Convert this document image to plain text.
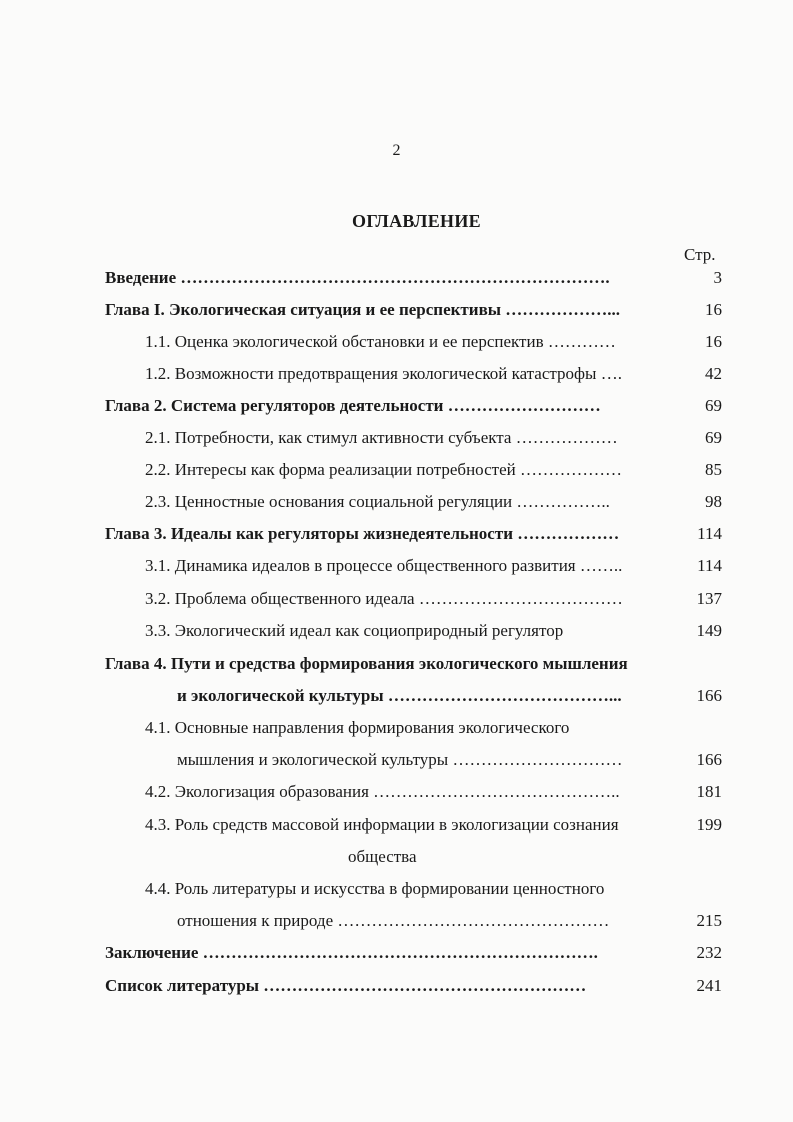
2
ОГЛАВЛЕНИЕ
Стр.
Введение ………………………………………………………………….	3
Глава I. Экологическая ситуация и ее перспективы ………………...	16
1.1. Оценка экологической обстановки и ее перспектив …………	16
1.2. Возможности предотвращения экологической катастрофы ….	42
Глава 2. Система регуляторов деятельности ………………………	69
2.1. Потребности, как стимул активности субъекта ………………	69
2.2. Интересы как форма реализации потребностей ………………	85
2.3. Ценностные основания социальной регуляции ……………..	98
Глава 3. Идеалы как регуляторы жизнедеятельности ………………	114
3.1. Динамика идеалов в процессе общественного развития ……..	114
3.2. Проблема общественного идеала ………………………………	137
3.3. Экологический идеал как социоприродный регулятор	149
Глава 4. Пути и средства формирования экологического мышления
и экологической культуры …………………………………...	166
4.1. Основные направления формирования экологического
мышления и экологической культуры …………………………	166
4.2. Экологизация образования ……………………………………..	181
4.3. Роль средств массовой информации в экологизации сознания	199
общества
4.4. Роль литературы и искусства в формировании ценностного
отношения к природе …………………………………………	215
Заключение …………………………………………………………….	232
Список литературы …………………………………………………	241
